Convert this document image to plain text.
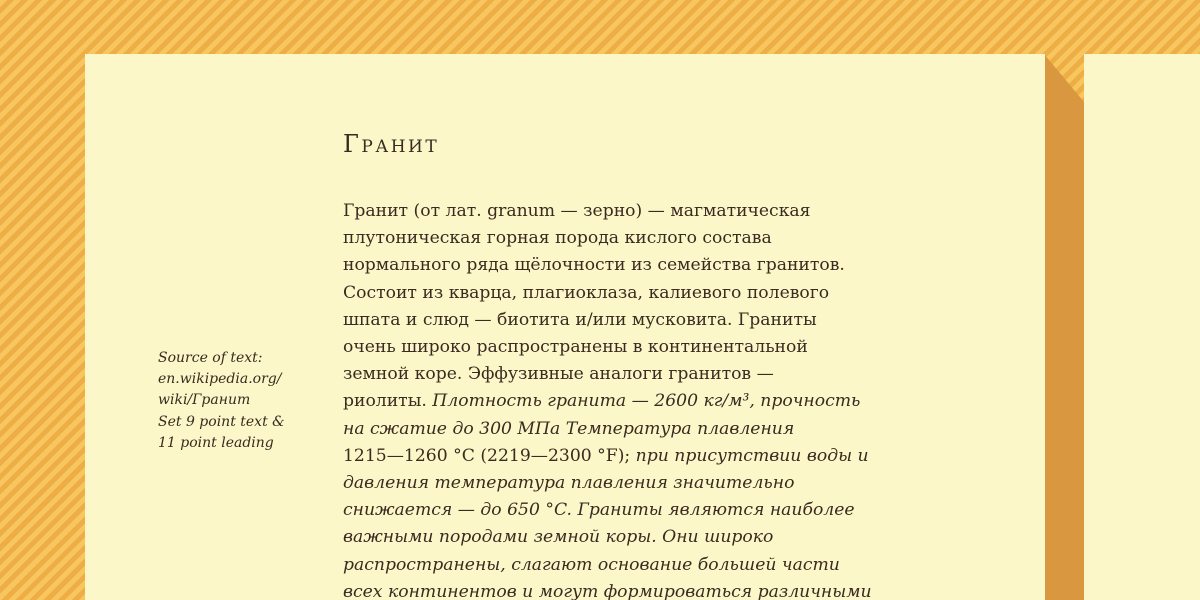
Гранит
Source of text:
en.wikipedia.org/
wiki/Гранит
Set 9 point text &
11 point leading
Гранит (от лат. granum — зерно) — магматическая
плутоническая горная порода кислого состава
нормального ряда щёлочности из семейства гранитов.
Состоит из кварца, плагиоклаза, калиевого полевого
шпата и слюд — биотита и/или мусковита. Граниты
очень широко распространены в континентальной
земной коре. Эффузивные аналоги гранитов —
риолиты. Плотность гранита — 2600 кг/м³, прочность
на сжатие до 300 МПа Температура плавления
1215—1260 °C (2219—2300 °F); при присутствии воды и
давления температура плавления значительно
снижается — до 650 °C. Граниты являются наиболее
важными породами земной коры. Они широко
распространены, слагают основание большей части
всех континентов и могут формироваться различными
